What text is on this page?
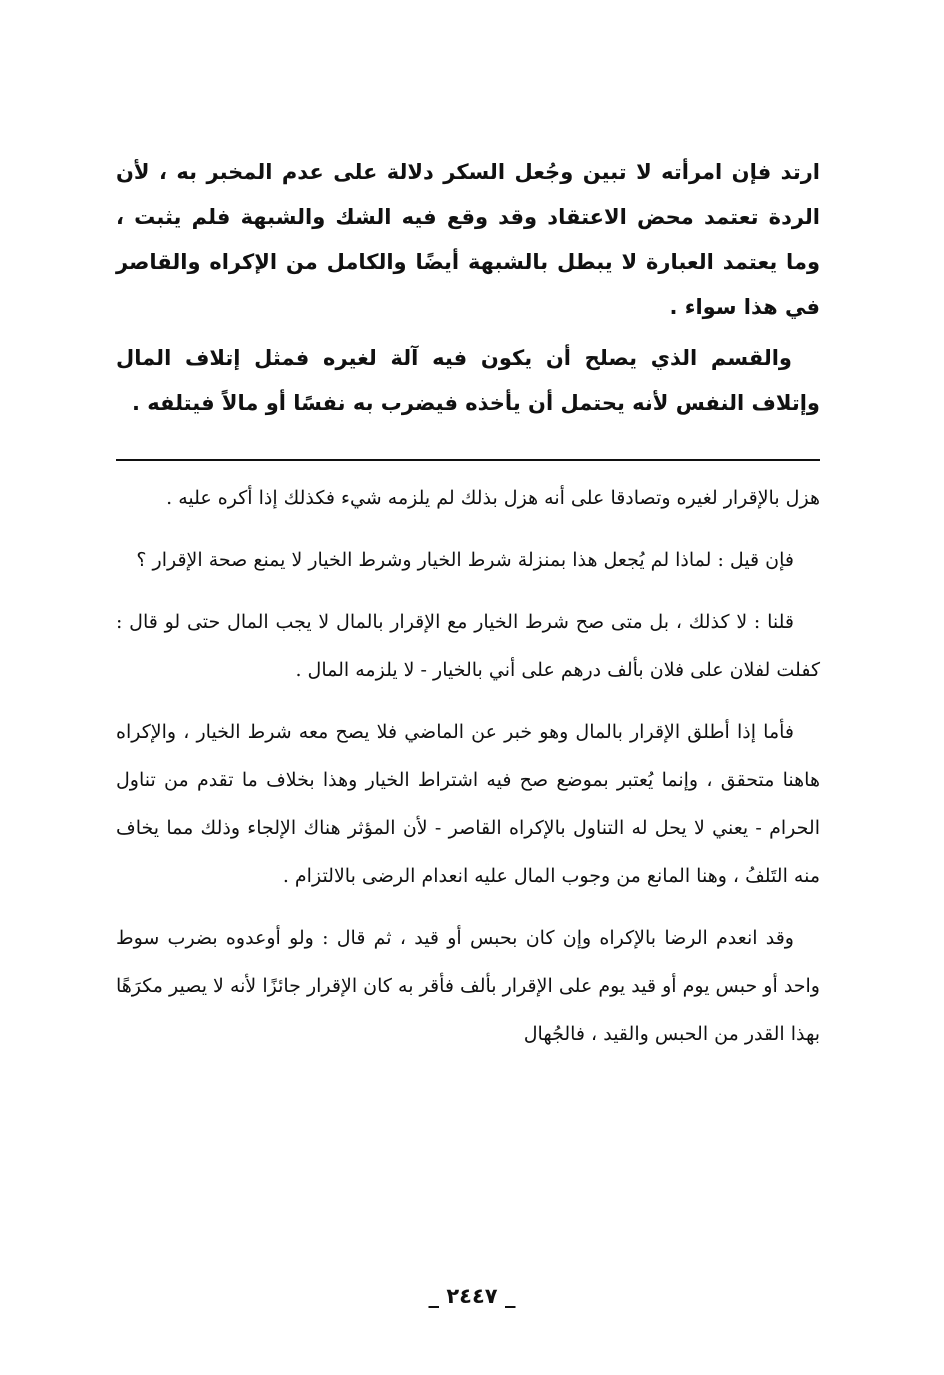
ارتد فإن امرأته لا تبين وجُعل السكر دلالة على عدم المخبر به ، لأن الردة تعتمد محض الاعتقاد وقد وقع فيه الشك والشبهة فلم يثبت ، وما يعتمد العبارة لا يبطل بالشبهة أيضًا والكامل من الإكراه والقاصر في هذا سواء .

والقسم الذي يصلح أن يكون فيه آلة لغيره فمثل إتلاف المال وإتلاف النفس لأنه يحتمل أن يأخذه فيضرب به نفسًا أو مالاً فيتلفه .

هزل بالإقرار لغيره وتصادقا على أنه هزل بذلك لم يلزمه شيء فكذلك إذا أكره عليه .

فإن قيل : لماذا لم يُجعل هذا بمنزلة شرط الخيار وشرط الخيار لا يمنع صحة الإقرار ؟

قلنا : لا كذلك ، بل متى صح شرط الخيار مع الإقرار بالمال لا يجب المال حتى لو قال : كفلت لفلان على فلان بألف درهم على أني بالخيار - لا يلزمه المال .

فأما إذا أطلق الإقرار بالمال وهو خبر عن الماضي فلا يصح معه شرط الخيار ، والإكراه هاهنا متحقق ، وإنما يُعتبر بموضع صح فيه اشتراط الخيار وهذا بخلاف ما تقدم من تناول الحرام - يعني لا يحل له التناول بالإكراه القاصر - لأن المؤثر هناك الإلجاء وذلك مما يخاف منه التَلفُ ، وهنا المانع من وجوب المال عليه انعدام الرضى بالالتزام .

وقد انعدم الرضا بالإكراه وإن كان بحبس أو قيد ، ثم قال : ولو أوعدوه بضرب سوط واحد أو حبس يوم أو قيد يوم على الإقرار بألف فأقر به كان الإقرار جائزًا لأنه لا يصير مكرَهًا بهذا القدر من الحبس والقيد ، فالجُهال

_ ٢٤٤٧ _
